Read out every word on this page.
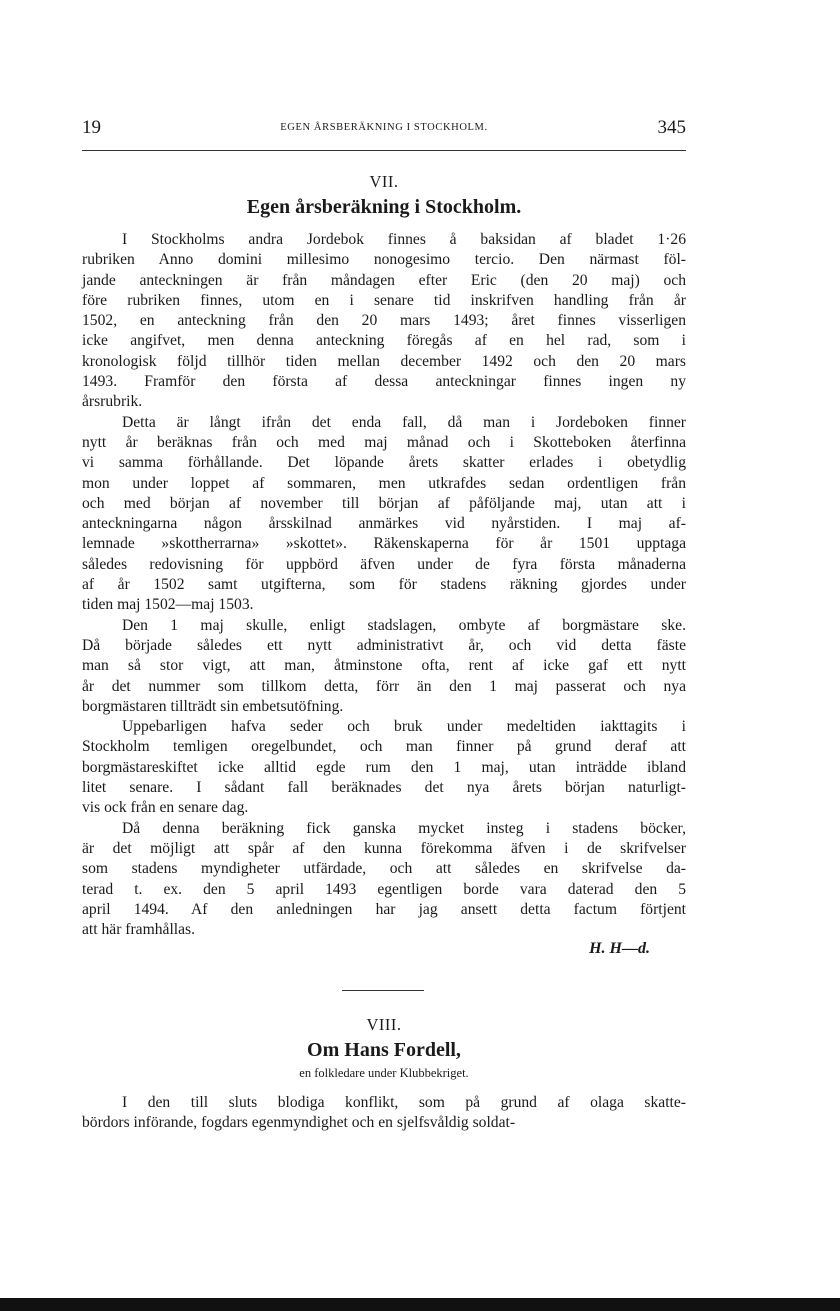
19	EGEN ÅRSBERÄKNING I STOCKHOLM.	345
VII.
Egen årsberäkning i Stockholm.

I Stockholms andra Jordebok finnes å baksidan af bladet 1·26
rubriken Anno domini millesimo nonogesimo tercio. Den närmast föl-
jande anteckningen är från måndagen efter Eric (den 20 maj) och
före rubriken finnes, utom en i senare tid inskrifven handling från år
1502, en anteckning från den 20 mars 1493; året finnes visserligen
icke angifvet, men denna anteckning föregås af en hel rad, som i
kronologisk följd tillhör tiden mellan december 1492 och den 20 mars
1493. Framför den första af dessa anteckningar finnes ingen ny
årsrubrik.

Detta är långt ifrån det enda fall, då man i Jordeboken finner
nytt år beräknas från och med maj månad och i Skotteboken återfinna
vi samma förhållande. Det löpande årets skatter erlades i obetydlig
mon under loppet af sommaren, men utkrafdes sedan ordentligen från
och med början af november till början af påföljande maj, utan att i
anteckningarna någon årsskilnad anmärkes vid nyårstiden. I maj af-
lemnade »skottherrarna» »skottet». Räkenskaperna för år 1501 upptaga
således redovisning för uppbörd äfven under de fyra första månaderna
af år 1502 samt utgifterna, som för stadens räkning gjordes under
tiden maj 1502—maj 1503.

Den 1 maj skulle, enligt stadslagen, ombyte af borgmästare ske.
Då började således ett nytt administrativt år, och vid detta fäste
man så stor vigt, att man, åtminstone ofta, rent af icke gaf ett nytt
år det nummer som tillkom detta, förr än den 1 maj passerat och nya
borgmästaren tillträdt sin embetsutöfning.

Uppebarligen hafva seder och bruk under medeltiden iakttagits i
Stockholm temligen oregelbundet, och man finner på grund deraf att
borgmästareskiftet icke alltid egde rum den 1 maj, utan inträdde ibland
litet senare. I sådant fall beräknades det nya årets början naturligt-
vis ock från en senare dag.

Då denna beräkning fick ganska mycket insteg i stadens böcker,
är det möjligt att spår af den kunna förekomma äfven i de skrifvelser
som stadens myndigheter utfärdade, och att således en skrifvelse da-
terad t. ex. den 5 april 1493 egentligen borde vara daterad den 5
april 1494. Af den anledningen har jag ansett detta factum förtjent
att här framhållas.

H. H—d.
VIII.
Om Hans Fordell,
en folkledare under Klubbekriget.

I den till sluts blodiga konflikt, som på grund af olaga skatte-
bördors införande, fogdars egenmyndighet och en sjelfsvåldig soldat-
